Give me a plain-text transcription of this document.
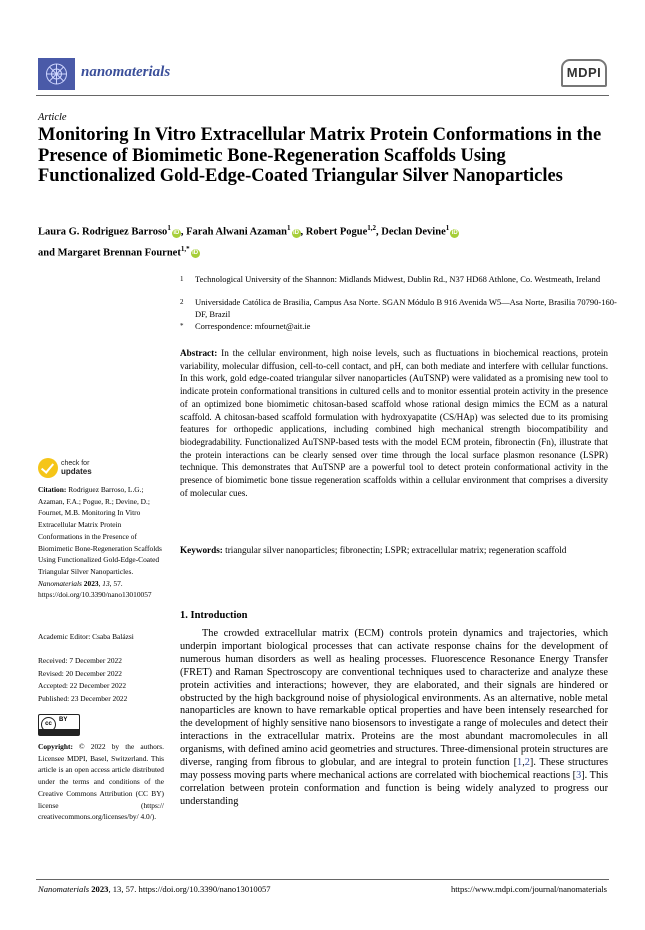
nanomaterials	MDPI
Article
Monitoring In Vitro Extracellular Matrix Protein Conformations in the Presence of Biomimetic Bone-Regeneration Scaffolds Using Functionalized Gold-Edge-Coated Triangular Silver Nanoparticles
Laura G. Rodriguez Barroso$^1$iD , Farah Alwani Azaman$^1$iD , Robert Pogue$^{1,2}$, Declan Devine$^1$iD
and Margaret Brennan Fournet$^{1,*}$iD
1 Technological University of the Shannon: Midlands Midwest, Dublin Rd., N37 HD68 Athlone, Co. Westmeath, Ireland
2 Universidade Católica de Brasilia, Campus Asa Norte. SGAN Módulo B 916 Avenida W5—Asa Norte, Brasilia 70790-160-DF, Brazil
* Correspondence: mfournet@ait.ie
Abstract: In the cellular environment, high noise levels, such as fluctuations in biochemical reactions, protein variability, molecular diffusion, cell-to-cell contact, and pH, can both mediate and interfere with cellular functions. In this work, gold edge-coated triangular silver nanoparticles (AuTSNP) were validated as a promising new tool to indicate protein conformational transitions in cultured cells and to monitor essential protein activity in the presence of an optimized bone biomimetic chitosan-based scaffold whose rational design mimics the ECM as a natural scaffold. A chitosan-based scaffold formulation with hydroxyapatite (CS/HAp) was selected due to its promising features for orthopedic applications, including combined high mechanical strength biocompatibility and biodegradability. Functionalized AuTSNP-based tests with the model ECM protein, fibronectin (Fn), illustrate that the protein interactions can be clearly sensed over time through the local surface plasmon resonance (LSPR) technique. This demonstrates that AuTSNP are a powerful tool to detect protein conformational activity in the presence of biomimetic bone tissue regeneration scaffolds within a cellular environment that comprises a diversity of molecular cues.
Keywords: triangular silver nanoparticles; fibronectin; LSPR; extracellular matrix; regeneration scaffold
1. Introduction
The crowded extracellular matrix (ECM) controls protein dynamics and trajectories, which underpin important biological processes that can activate response chains for the development of numerous human disorders as well as healing processes. Fluorescence Resonance Energy Transfer (FRET) and Raman Spectroscopy are conventional techniques used to characterize and analyze these protein activities and interactions; however, they are elaborated, and their signals are hindered or obstructed by the high background noise of physiological environments. As an alternative, noble metal nanoparticles are known to have remarkable optical properties and have been intensely researched for the development of highly sensitive nano biosensors to investigate a range of molecules and detect their interactions in the extracellular matrix. Proteins are the most abundant macromolecules in all organisms, with defined amino acid geometries and structures. Three-dimensional protein structures are diverse, ranging from fibrous to globular, and are integral to protein function [1,2]. These structures may possess moving parts where mechanical actions are correlated with biochemical reactions [3]. This correlation between protein conformation and function is being widely analyzed to progress our understanding
check for
updates
Citation: Rodriguez Barroso, L.G.; Azaman, F.A.; Pogue, R.; Devine, D.; Fournet, M.B. Monitoring In Vitro Extracellular Matrix Protein Conformations in the Presence of Biomimetic Bone-Regeneration Scaffolds Using Functionalized Gold-Edge-Coated Triangular Silver Nanoparticles. Nanomaterials 2023, 13, 57. https://doi.org/10.3390/nano13010057
Academic Editor: Csaba Balázsi
Received: 7 December 2022
Revised: 20 December 2022
Accepted: 22 December 2022
Published: 23 December 2022
cc
BY
Copyright: © 2022 by the authors. Licensee MDPI, Basel, Switzerland. This article is an open access article distributed under the terms and conditions of the Creative Commons Attribution (CC BY) license (https:// creativecommons.org/licenses/by/ 4.0/).
Nanomaterials 2023, 13, 57. https://doi.org/10.3390/nano13010057	https://www.mdpi.com/journal/nanomaterials
